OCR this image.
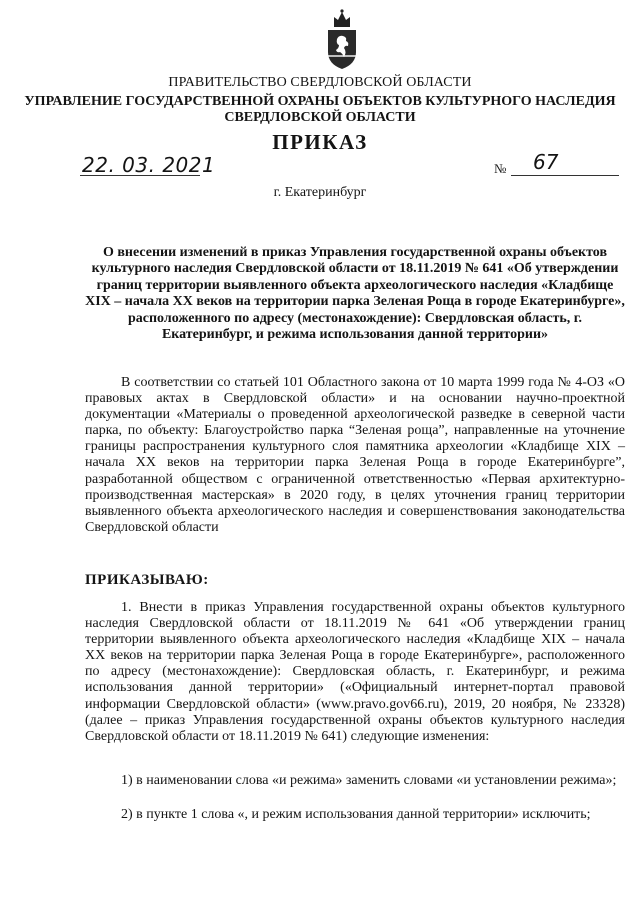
ПРАВИТЕЛЬСТВО СВЕРДЛОВСКОЙ ОБЛАСТИ
УПРАВЛЕНИЕ ГОСУДАРСТВЕННОЙ ОХРАНЫ ОБЪЕКТОВ КУЛЬТУРНОГО НАСЛЕДИЯ
СВЕРДЛОВСКОЙ ОБЛАСТИ
ПРИКАЗ
22. 03. 2021	№ 67
г. Екатеринбург
О внесении изменений в приказ Управления государственной охраны объектов культурного наследия Свердловской области от 18.11.2019 № 641 «Об утверждении границ территории выявленного объекта археологического наследия «Кладбище XIX – начала XX веков на территории парка Зеленая Роща в городе Екатеринбурге», расположенного по адресу (местонахождение): Свердловская область, г. Екатеринбург, и режима использования данной территории»
В соответствии со статьей 101 Областного закона от 10 марта 1999 года № 4-ОЗ «О правовых актах в Свердловской области» и на основании научно-проектной документации «Материалы о проведенной археологической разведке в северной части парка, по объекту: Благоустройство парка “Зеленая роща”, направленные на уточнение границы распространения культурного слоя памятника археологии «Кладбище XIX – начала XX веков на территории парка Зеленая Роща в городе Екатеринбурге”, разработанной обществом с ограниченной ответственностью «Первая архитектурно-производственная мастерская» в 2020 году, в целях уточнения границ территории выявленного объекта археологического наследия и совершенствования законодательства Свердловской области
ПРИКАЗЫВАЮ:
1. Внести в приказ Управления государственной охраны объектов культурного наследия Свердловской области от 18.11.2019 № 641 «Об утверждении границ территории выявленного объекта археологического наследия «Кладбище XIX – начала XX веков на территории парка Зеленая Роща в городе Екатеринбурге», расположенного по адресу (местонахождение): Свердловская область, г. Екатеринбург, и режима использования данной территории» («Официальный интернет-портал правовой информации Свердловской области» (www.pravo.gov66.ru), 2019, 20 ноября, № 23328) (далее – приказ Управления государственной охраны объектов культурного наследия Свердловской области от 18.11.2019 № 641) следующие изменения:
1) в наименовании слова «и режима» заменить словами «и установлении режима»;
2) в пункте 1 слова «, и режим использования данной территории» исключить;
